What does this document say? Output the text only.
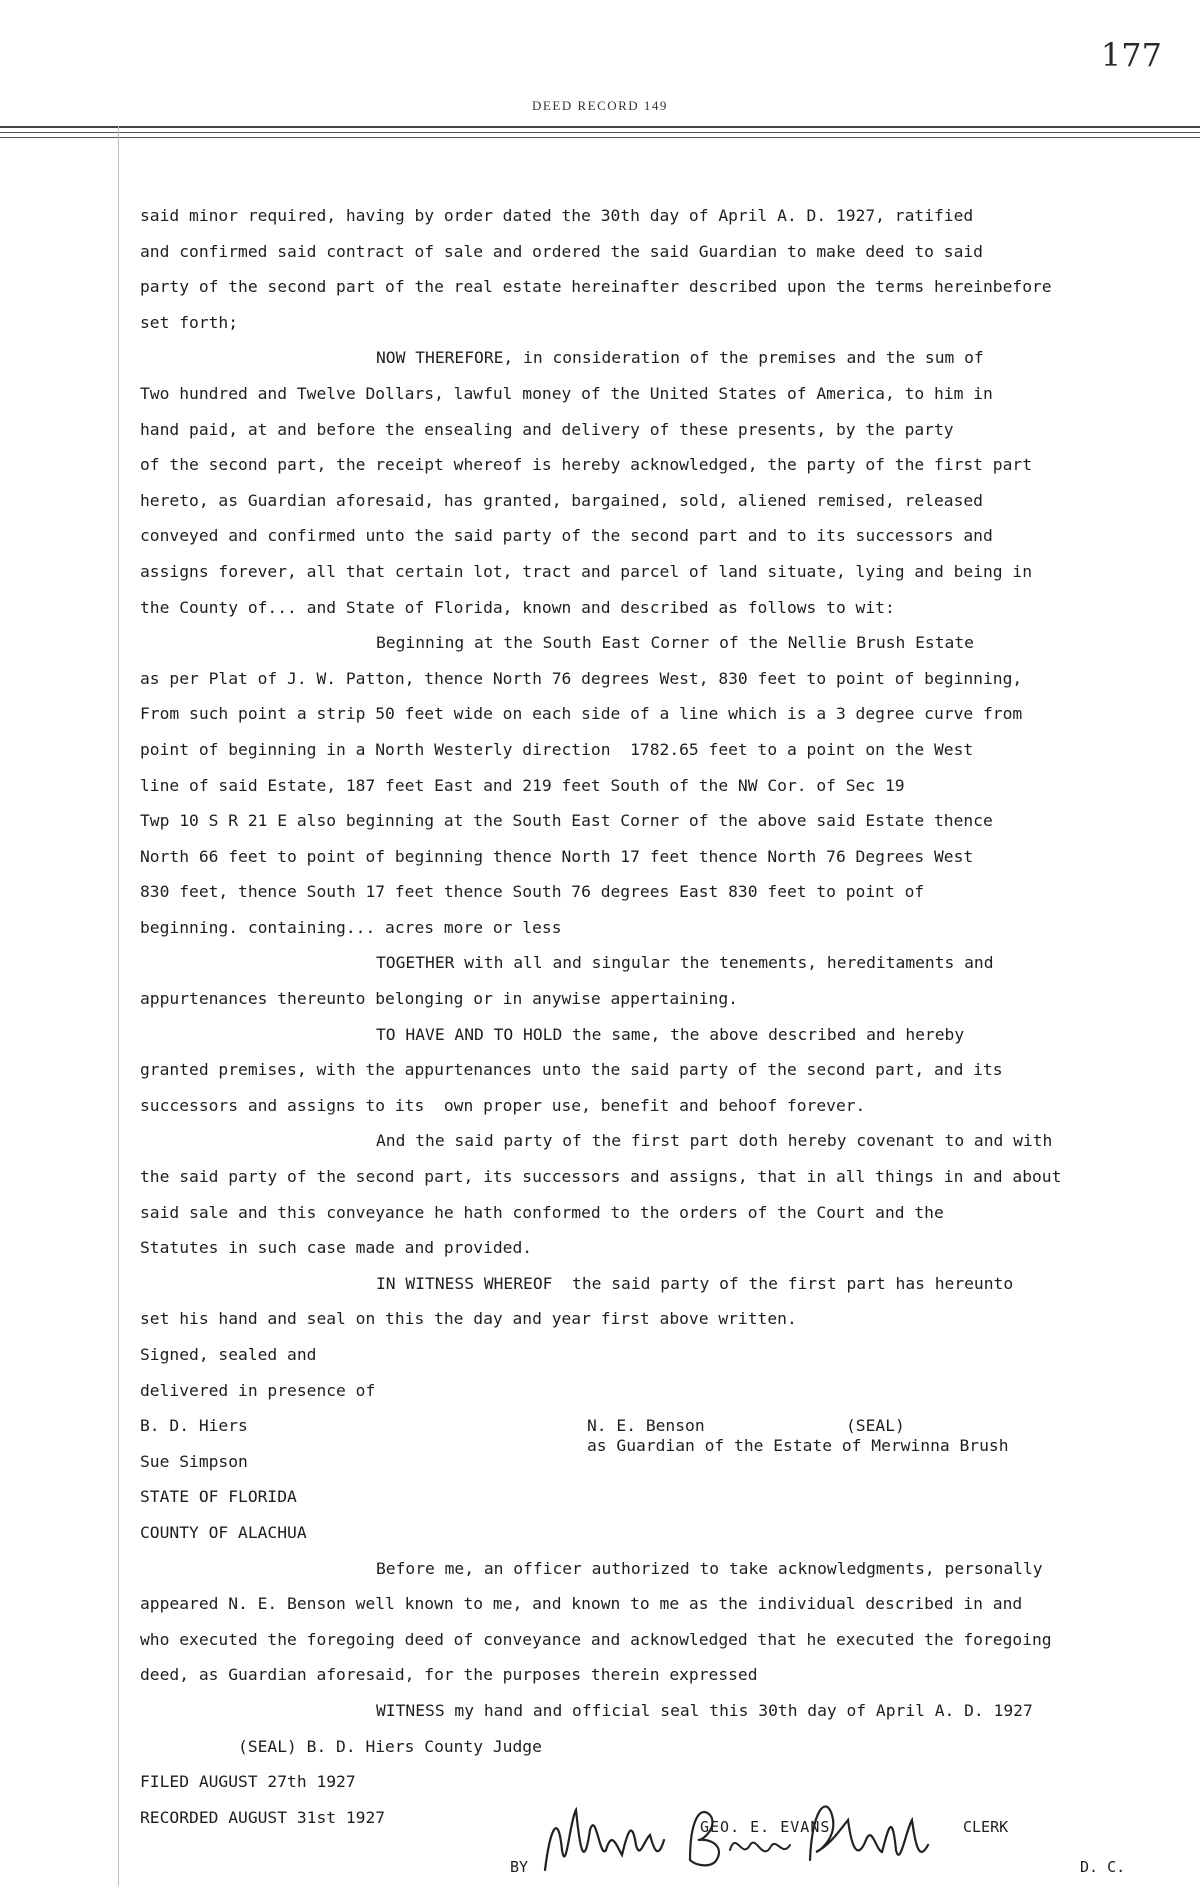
177
DEED RECORD 149

said minor required, having by order dated the 30th day of April A. D. 1927, ratified

and confirmed said contract of sale and ordered the said Guardian to make deed to said

party of the second part of the real estate hereinafter described upon the terms hereinbefore

set forth;

NOW THEREFORE, in consideration of the premises and the sum of

Two hundred and Twelve Dollars, lawful money of the United States of America, to him in

hand paid, at and before the ensealing and delivery of these presents, by the party

of the second part, the receipt whereof is hereby acknowledged, the party of the first part

hereto, as Guardian aforesaid, has granted, bargained, sold, aliened remised, released

conveyed and confirmed unto the said party of the second part and to its successors and

assigns forever, all that certain lot, tract and parcel of land situate, lying and being in

the County of... and State of Florida, known and described as follows to wit:

Beginning at the South East Corner of the Nellie Brush Estate

as per Plat of J. W. Patton, thence North 76 degrees West, 830 feet to point of beginning,

From such point a strip 50 feet wide on each side of a line which is a 3 degree curve from

point of beginning in a North Westerly direction  1782.65 feet to a point on the West

line of said Estate, 187 feet East and 219 feet South of the NW Cor. of Sec 19

Twp 10 S R 21 E also beginning at the South East Corner of the above said Estate thence

North 66 feet to point of beginning thence North 17 feet thence North 76 Degrees West

830 feet, thence South 17 feet thence South 76 degrees East 830 feet to point of

beginning. containing... acres more or less

TOGETHER with all and singular the tenements, hereditaments and

appurtenances thereunto belonging or in anywise appertaining.

TO HAVE AND TO HOLD the same, the above described and hereby

granted premises, with the appurtenances unto the said party of the second part, and its

successors and assigns to its  own proper use, benefit and behoof forever.

And the said party of the first part doth hereby covenant to and with

the said party of the second part, its successors and assigns, that in all things in and about

said sale and this conveyance he hath conformed to the orders of the Court and the

Statutes in such case made and provided.

IN WITNESS WHEREOF  the said party of the first part has hereunto

set his hand and seal on this the day and year first above written.

Signed, sealed and

delivered in presence of

B. D. Hiers

Sue Simpson

STATE OF FLORIDA

COUNTY OF ALACHUA

Before me, an officer authorized to take acknowledgments, personally

appeared N. E. Benson well known to me, and known to me as the individual described in and

who executed the foregoing deed of conveyance and acknowledged that he executed the foregoing

deed, as Guardian aforesaid, for the purposes therein expressed

WITNESS my hand and official seal this 30th day of April A. D. 1927

(SEAL) B. D. Hiers County Judge

FILED AUGUST 27th 1927

RECORDED AUGUST 31st 1927

N. E. Benson	(SEAL)
as Guardian of the Estate of Merwinna Brush
BY
GEO. E. EVANS	CLERK
D. C.
